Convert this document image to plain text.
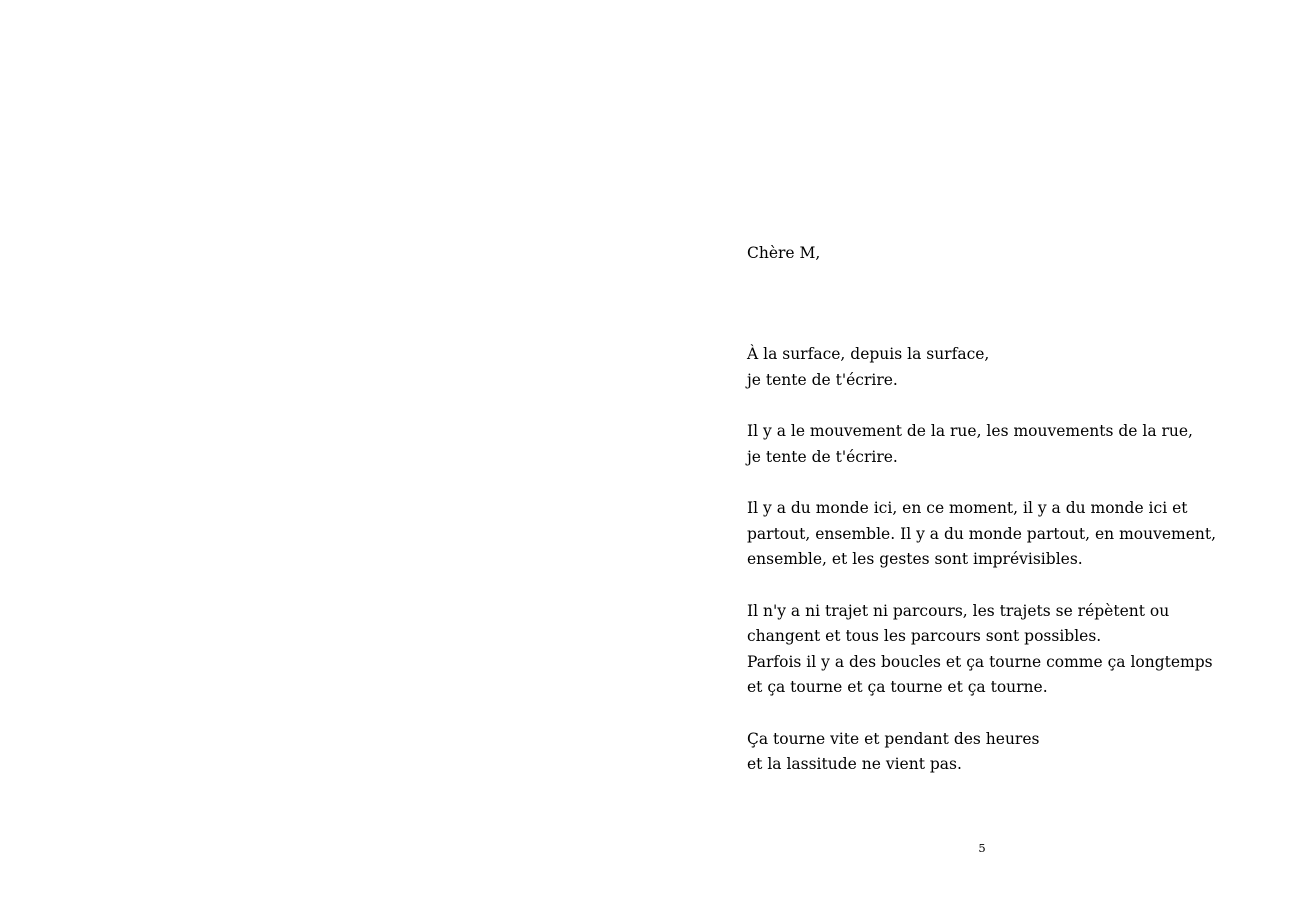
Chère M,

À la surface, depuis la surface,
je tente de t'écrire.
Il y a le mouvement de la rue, les mouvements de la rue,
je tente de t'écrire.
Il y a du monde ici, en ce moment, il y a du monde ici et
partout, ensemble. Il y a du monde partout, en mouvement,
ensemble, et les gestes sont imprévisibles.
Il n'y a ni trajet ni parcours, les trajets se répètent ou
changent et tous les parcours sont possibles.
Parfois il y a des boucles et ça tourne comme ça longtemps
et ça tourne et ça tourne et ça tourne.
Ça tourne vite et pendant des heures
et la lassitude ne vient pas.
5
